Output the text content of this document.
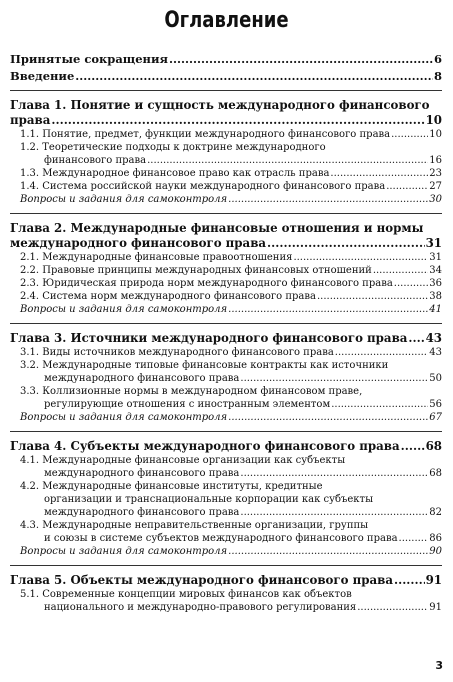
Оглавление
Принятые сокращения .....	6
Введение .....	8
Глава 1. Понятие и сущность международного финансового
права .....	10
1.1. Понятие, предмет, функции международного финансового права .....	10
1.2. Теоретические подходы к доктрине международного
финансового права .....	16
1.3. Международное финансовое право как отрасль права .....	23
1.4. Система российской науки международного финансового права .....	27
Вопросы и задания для самоконтроля .....	30
Глава 2. Международные финансовые отношения и нормы
международного финансового права .....	31
2.1. Международные финансовые правоотношения .....	31
2.2. Правовые принципы международных финансовых отношений .....	34
2.3. Юридическая природа норм международного финансового права .....	36
2.4. Система норм международного финансового права .....	38
Вопросы и задания для самоконтроля .....	41
Глава 3. Источники международного финансового права ..... 43
3.1. Виды источников международного финансового права .....	43
3.2. Международные типовые финансовые контракты как источники
международного финансового права .....	50
3.3. Коллизионные нормы в международном финансовом праве,
регулирующие отношения с иностранным элементом .....	56
Вопросы и задания для самоконтроля .....	67
Глава 4. Субъекты международного финансового права ..... 68
4.1. Международные финансовые организации как субъекты
международного финансового права .....	68
4.2. Международные финансовые институты, кредитные
организации и транснациональные корпорации как субъекты
международного финансового права .....	82
4.3. Международные неправительственные организации, группы
и союзы в системе субъектов международного финансового права .....	86
Вопросы и задания для самоконтроля .....	90
Глава 5. Объекты международного финансового права .....	91
5.1. Современные концепции мировых финансов как объектов
национального и международно-правового регулирования .....	91
3
